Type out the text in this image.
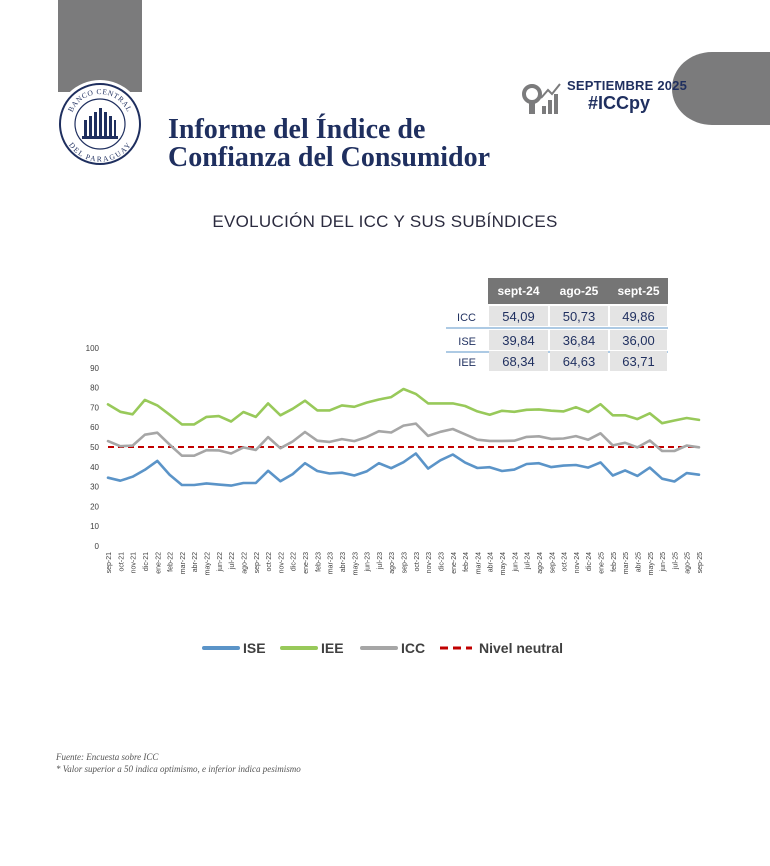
BANCO CENTRAL
DEL PARAGUAY
SEPTIEMBRE 2025
#ICCpy
Informe del Índice de
Confianza del Consumidor
EVOLUCIÓN DEL ICC Y SUS SUBÍNDICES
0
10
20
30
40
50
60
70
80
90
100
sep-21 oct-21 nov-21 dic-21 ene-22 feb-22 mar-22 abr-22 may-22 jun-22 jul-22 ago-22 sep-22 oct-22 nov-22 dic-22 ene-23 feb-23 mar-23 abr-23 may-23 jun-23 jul-23 ago-23 sep-23 oct-23 nov-23 dic-23 ene-24 feb-24 mar-24 abr-24 may-24 jun-24 jul-24 ago-24 sep-24 oct-24 nov-24 dic-24 ene-25 feb-25 mar-25 abr-25 may-25 jun-25 jul-25 ago-25 sep-25
sept-24 ago-25 sept-25
ICC 54,09 50,73 49,86
ISE 39,84 36,84 36,00
IEE 68,34 64,63 63,71
ISE	IEE	ICC	Nivel neutral
Fuente: Encuesta sobre ICC
* Valor superior a 50 indica optimismo, e inferior indica pesimismo
